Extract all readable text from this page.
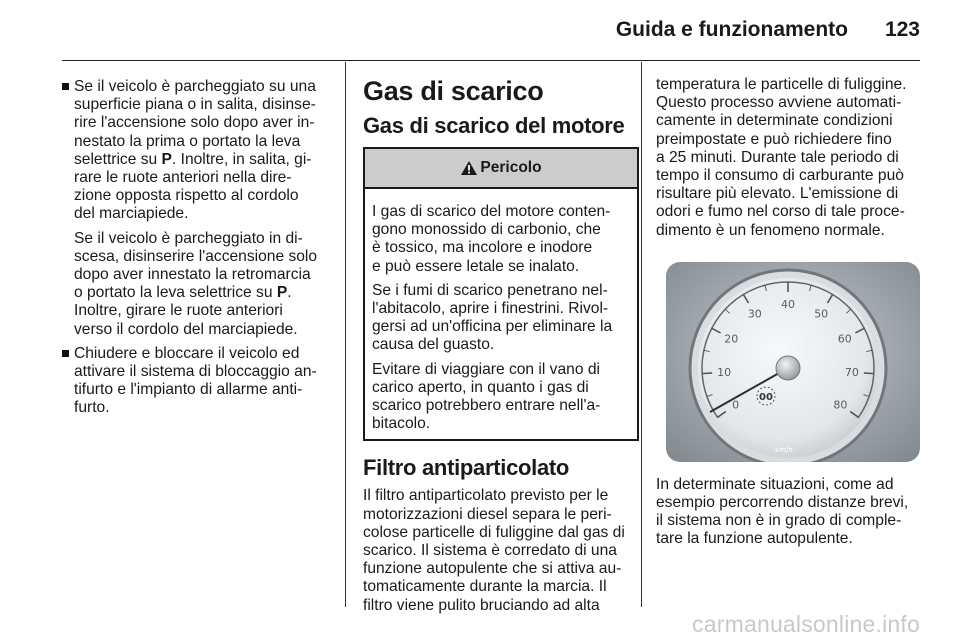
Guida e funzionamento 123
Se il veicolo è parcheggiato su una
superficie piana o in salita, disinse-
rire l'accensione solo dopo aver in-
nestato la prima o portato la leva
selettrice su P. Inoltre, in salita, gi-
rare le ruote anteriori nella dire-
zione opposta rispetto al cordolo
del marciapiede.
Se il veicolo è parcheggiato in di-
scesa, disinserire l'accensione solo
dopo aver innestato la retromarcia
o portato la leva selettrice su P.
Inoltre, girare le ruote anteriori
verso il cordolo del marciapiede.
Chiudere e bloccare il veicolo ed
attivare il sistema di bloccaggio an-
tifurto e l'impianto di allarme anti-
furto.
Gas di scarico
Gas di scarico del motore
Pericolo
I gas di scarico del motore conten-
gono monossido di carbonio, che
è tossico, ma incolore e inodore
e può essere letale se inalato.
Se i fumi di scarico penetrano nel-
l'abitacolo, aprire i finestrini. Rivol-
gersi ad un'officina per eliminare la
causa del guasto.
Evitare di viaggiare con il vano di
carico aperto, in quanto i gas di
scarico potrebbero entrare nell'a-
bitacolo.
Filtro antiparticolato
Il filtro antiparticolato previsto per le
motorizzazioni diesel separa le peri-
colose particelle di fuliggine dal gas di
scarico. Il sistema è corredato di una
funzione autopulente che si attiva au-
tomaticamente durante la marcia. Il
filtro viene pulito bruciando ad alta
temperatura le particelle di fuliggine.
Questo processo avviene automati-
camente in determinate condizioni
preimpostate e può richiedere fino
a 25 minuti. Durante tale periodo di
tempo il consumo di carburante può
risultare più elevato. L'emissione di
odori e fumo nel corso di tale proce-
dimento è un fenomeno normale.
0
10
20
30
40
50
60
70
80
00
km/h
In determinate situazioni, come ad
esempio percorrendo distanze brevi,
il sistema non è in grado di comple-
tare la funzione autopulente.
carmanualsonline.info
